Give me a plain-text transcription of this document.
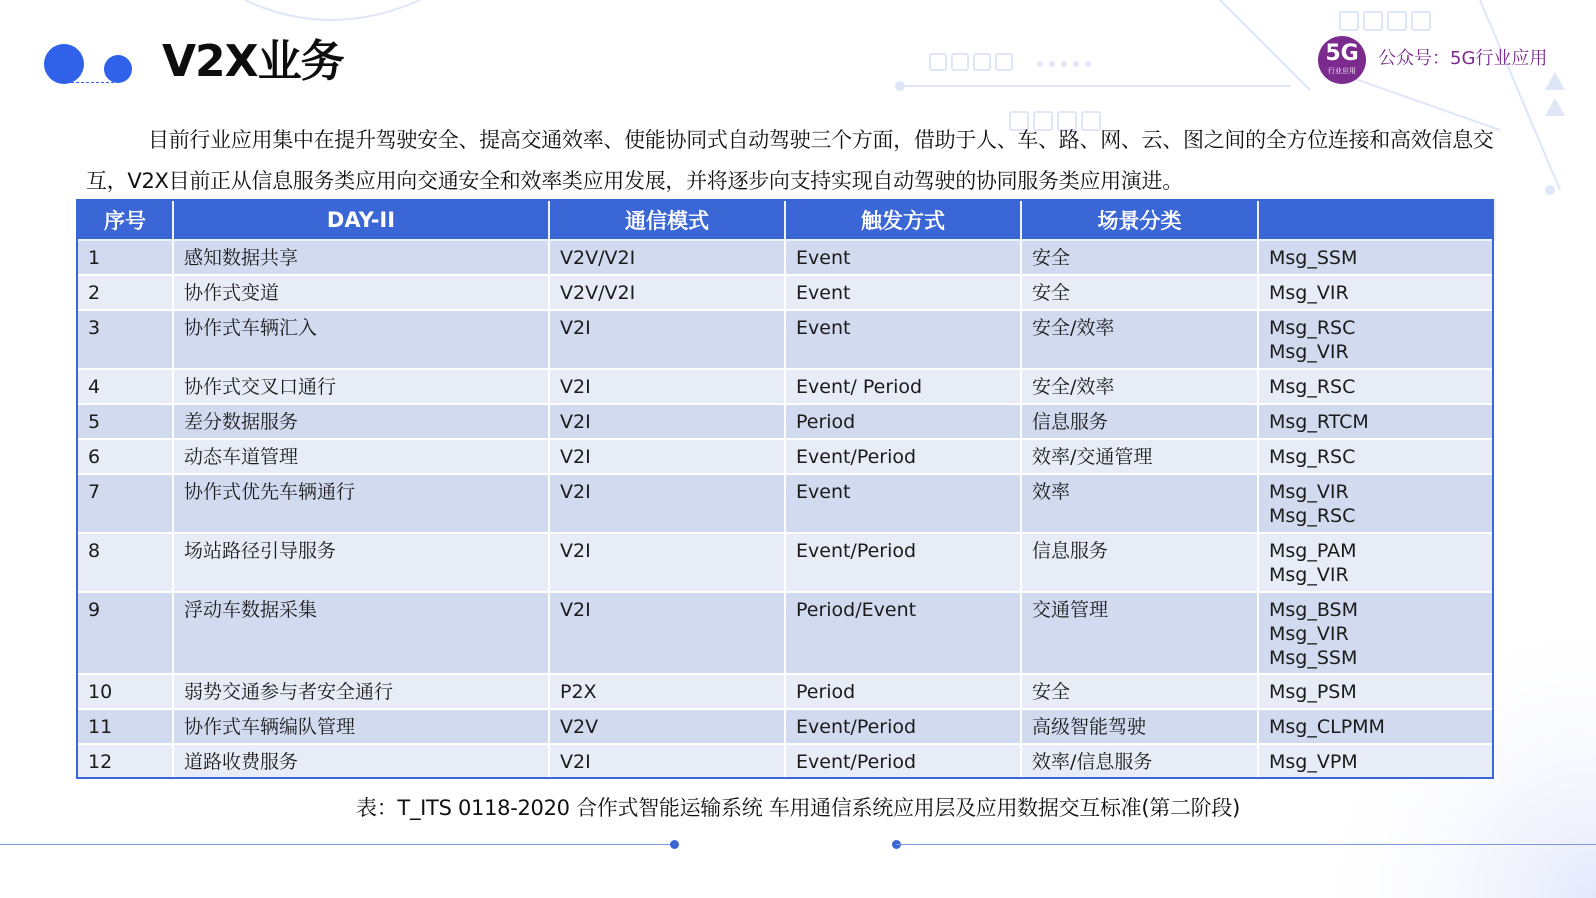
V2X业务	5G
行业应用
公众号：5G行业应用
目前行业应用集中在提升驾驶安全、提高交通效率、使能协同式自动驾驶三个方面，借助于人、车、路、网、云、图之间的全方位连接和高效信息交互，V2X目前正从信息服务类应用向交通安全和效率类应用发展，并将逐步向支持实现自动驾驶的协同服务类应用演进。
序号	DAY-II	通信模式	触发方式	场景分类	
1	感知数据共享	V2V/V2I	Event	安全	Msg_SSM

2	协作式变道	V2V/V2I	Event	安全	Msg_VIR

3	协作式车辆汇入	V2I	Event	安全/效率	Msg_RSC
Msg_VIR

4	协作式交叉口通行	V2I	Event/ Period	安全/效率	Msg_RSC

5	差分数据服务	V2I	Period	信息服务	Msg_RTCM

6	动态车道管理	V2I	Event/Period	效率/交通管理	Msg_RSC

7	协作式优先车辆通行	V2I	Event	效率	Msg_VIR
Msg_RSC

8	场站路径引导服务	V2I	Event/Period	信息服务	Msg_PAM
Msg_VIR

9	浮动车数据采集	V2I	Period/Event	交通管理	Msg_BSM
Msg_VIR
Msg_SSM

10	弱势交通参与者安全通行	P2X	Period	安全	Msg_PSM

11	协作式车辆编队管理	V2V	Event/Period	高级智能驾驶	Msg_CLPMM

12	道路收费服务	V2I	Event/Period	效率/信息服务	Msg_VPM
表：T_ITS 0118-2020 合作式智能运输系统 车用通信系统应用层及应用数据交互标准(第二阶段)
